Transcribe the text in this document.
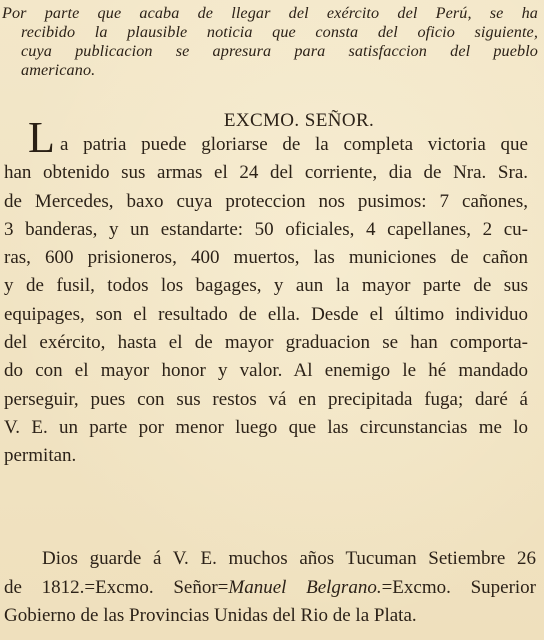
Por parte que acaba de llegar del exército del Perú, se ha
recibido la plausible noticia que consta del oficio siguiente,
cuya publicacion se apresura para satisfaccion del pueblo
americano.
EXCMO. SEÑOR.
L a patria puede gloriarse de la completa victoria que
han obtenido sus armas el 24 del corriente, dia de Nra. Sra.
de Mercedes, baxo cuya proteccion nos pusimos: 7 cañones,
3 banderas, y un estandarte: 50 oficiales, 4 capellanes, 2 cu-
ras, 600 prisioneros, 400 muertos, las municiones de cañon
y de fusil, todos los bagages, y aun la mayor parte de sus
equipages, son el resultado de ella. Desde el último individuo
del exército, hasta el de mayor graduacion se han comporta-
do con el mayor honor y valor. Al enemigo le hé mandado
perseguir, pues con sus restos vá en precipitada fuga; daré á
V. E. un parte por menor luego que las circunstancias me lo
permitan.
Dios guarde á V. E. muchos años Tucuman Setiembre 26
de 1812.=Excmo. Señor=Manuel Belgrano.=Excmo. Superior
Gobierno de las Provincias Unidas del Rio de la Plata.
